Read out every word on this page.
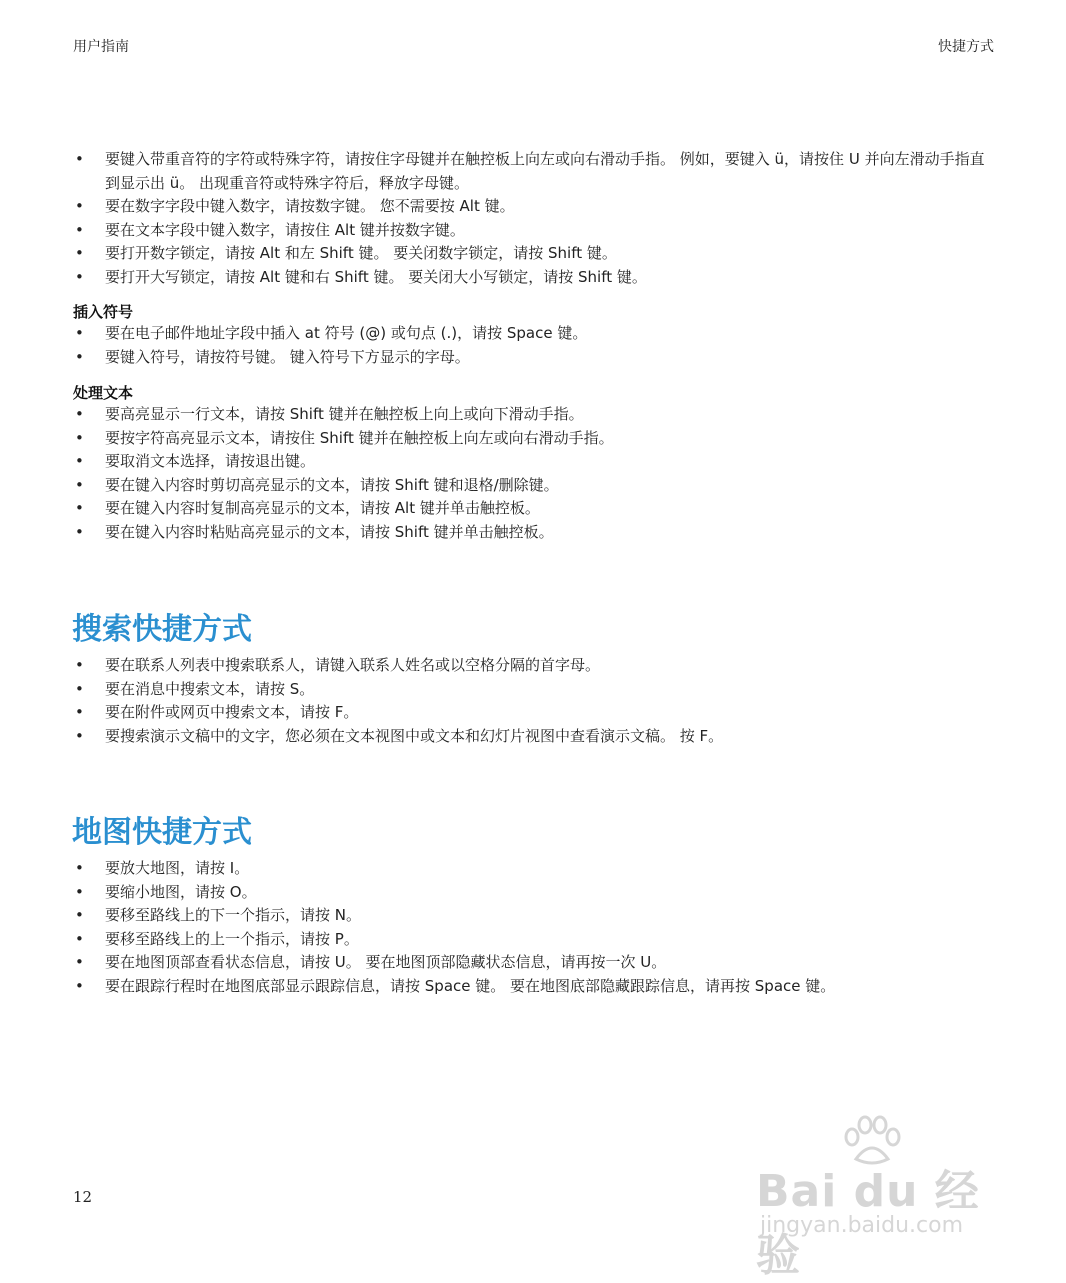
用户指南	快捷方式
• 要键入带重音符的字符或特殊字符，请按住字母键并在触控板上向左或向右滑动手指。 例如，要键入 ü，请按住 U 并向左滑动手指直到显示出 ü。 出现重音符或特殊字符后，释放字母键。
• 要在数字字段中键入数字，请按数字键。 您不需要按 Alt 键。
• 要在文本字段中键入数字，请按住 Alt 键并按数字键。
• 要打开数字锁定，请按 Alt 和左 Shift 键。 要关闭数字锁定，请按 Shift 键。
• 要打开大写锁定，请按 Alt 键和右 Shift 键。 要关闭大小写锁定，请按 Shift 键。
插入符号
• 要在电子邮件地址字段中插入 at 符号 (@) 或句点 (.)，请按 Space 键。
• 要键入符号，请按符号键。 键入符号下方显示的字母。
处理文本
• 要高亮显示一行文本，请按 Shift 键并在触控板上向上或向下滑动手指。
• 要按字符高亮显示文本，请按住 Shift 键并在触控板上向左或向右滑动手指。
• 要取消文本选择，请按退出键。
• 要在键入内容时剪切高亮显示的文本，请按 Shift 键和退格/删除键。
• 要在键入内容时复制高亮显示的文本，请按 Alt 键并单击触控板。
• 要在键入内容时粘贴高亮显示的文本，请按 Shift 键并单击触控板。
搜索快捷方式
• 要在联系人列表中搜索联系人，请键入联系人姓名或以空格分隔的首字母。
• 要在消息中搜索文本，请按 S。
• 要在附件或网页中搜索文本，请按 F。
• 要搜索演示文稿中的文字，您必须在文本视图中或文本和幻灯片视图中查看演示文稿。 按 F。
地图快捷方式
• 要放大地图，请按 I。
• 要缩小地图，请按 O。
• 要移至路线上的下一个指示，请按 N。
• 要移至路线上的上一个指示，请按 P。
• 要在地图顶部查看状态信息，请按 U。 要在地图顶部隐藏状态信息，请再按一次 U。
• 要在跟踪行程时在地图底部显示跟踪信息，请按 Space 键。 要在地图底部隐藏跟踪信息，请再按 Space 键。
12	Bai du 经验
jingyan.baidu.com
